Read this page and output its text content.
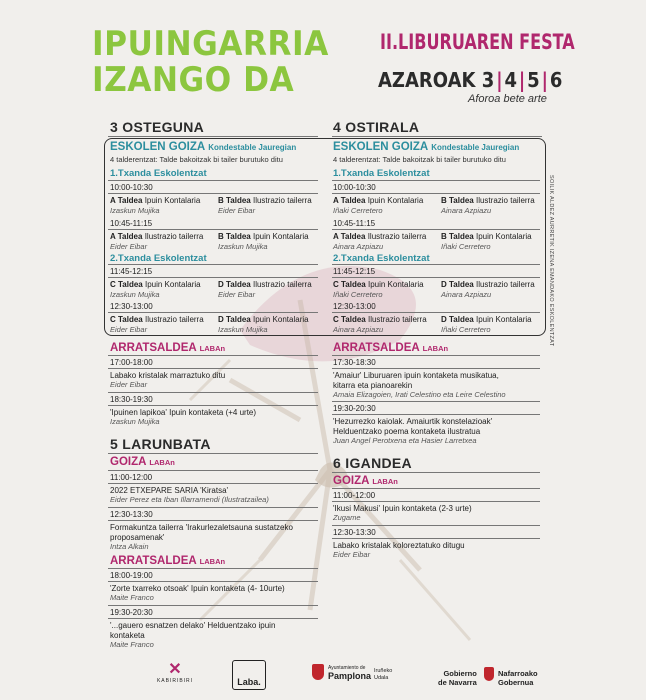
IPUINGARRIA
IZANGO DA
II.LIBURUAREN FESTA
AZAROAK 3|4|5|6
Aforoa bete arte
3 OSTEGUNA	4 OSTIRALA
SOILIK ALDEZ AURRETIK IZENA EMANDAKO ESKOLENTZAT
ESKOLEN GOIZA Kondestable Jauregian
4 talderentzat: Talde bakoitzak bi tailer burutuko ditu
1.Txanda Eskolentzat
10:00-10:30
A Taldea Ipuin Kontalaria
Izaskun Mujika
B Taldea Ilustrazio tailerra
Eider Eibar
10:45-11:15
A Taldea Ilustrazio tailerra
Eider Eibar
B Taldea Ipuin Kontalaria
Izaskun Mujika
2.Txanda Eskolentzat
11:45-12:15
C Taldea Ipuin Kontalaria
Izaskun Mujika
D Taldea Ilustrazio tailerra
Eider Eibar
12:30-13:00
C Taldea Ilustrazio tailerra
Eider Eibar
D Taldea Ipuin Kontalaria
Izaskun Mujika
ESKOLEN GOIZA Kondestable Jauregian
4 talderentzat: Talde bakoitzak bi tailer burutuko ditu
1.Txanda Eskolentzat
10:00-10:30
A Taldea Ipuin Kontalaria
Iñaki Cerretero
B Taldea Ilustrazio tailerra
Ainara Azpiazu
10:45-11:15
A Taldea Ilustrazio tailerra
Ainara Azpiazu
B Taldea Ipuin Kontalaria
Iñaki Cerretero
2.Txanda Eskolentzat
11:45-12:15
C Taldea Ipuin Kontalaria
Iñaki Cerretero
D Taldea Ilustrazio tailerra
Ainara Azpiazu
12:30-13:00
C Taldea Ilustrazio tailerra
Ainara Azpiazu
D Taldea Ipuin Kontalaria
Iñaki Cerretero
ARRATSALDEA LABAn
17:00-18:00
Labako kristalak marraztuko ditu
Eider Eibar
18:30-19:30
'Ipuinen lapikoa' Ipuin kontaketa (+4 urte)
Izaskun Mujika
ARRATSALDEA LABAn
17:30-18:30
'Amaiur' Liburuaren ipuin kontaketa musikatua,
kitarra eta pianoarekin
Amaia Elizagoien, Irati Celestino eta Leire Celestino
19:30-20:30
'Hezurrezko kaiolak. Amaiurtik konstelazioak'
Helduentzako poema kontaketa ilustratua
Juan Angel Perotxena eta Hasier Larretxea
5 LARUNBATA
GOIZA LABAn
11:00-12:00
2022 ETXEPARE SARIA 'Kiratsa'
Eider Perez eta Iban Illarramendi (Ilustratzailea)
12:30-13:30
Formakuntza tailerra 'Irakurlezaletsauna sustatzeko
proposamenak'
Intza Alkain
ARRATSALDEA LABAn
18:00-19:00
'Zorte txarreko otsoak' Ipuin kontaketa (4- 10urte)
Maite Franco
19:30-20:30
'...gauero esnatzen delako' Helduentzako ipuin
kontaketa
Maite Franco
6 IGANDEA
GOIZA LABAn
11:00-12:00
'Ikusi Makusi' Ipuin kontaketa (2-3 urte)
Zugame
12:30-13:30
Labako kristalak koloreztatuko ditugu
Eider Eibar
✕
KABIRIBIRI	Laba.
Ayuntamiento de
Pamplona Iruñeko Udala	Gobierno
de Navarra
Nafarroako
Gobernua
